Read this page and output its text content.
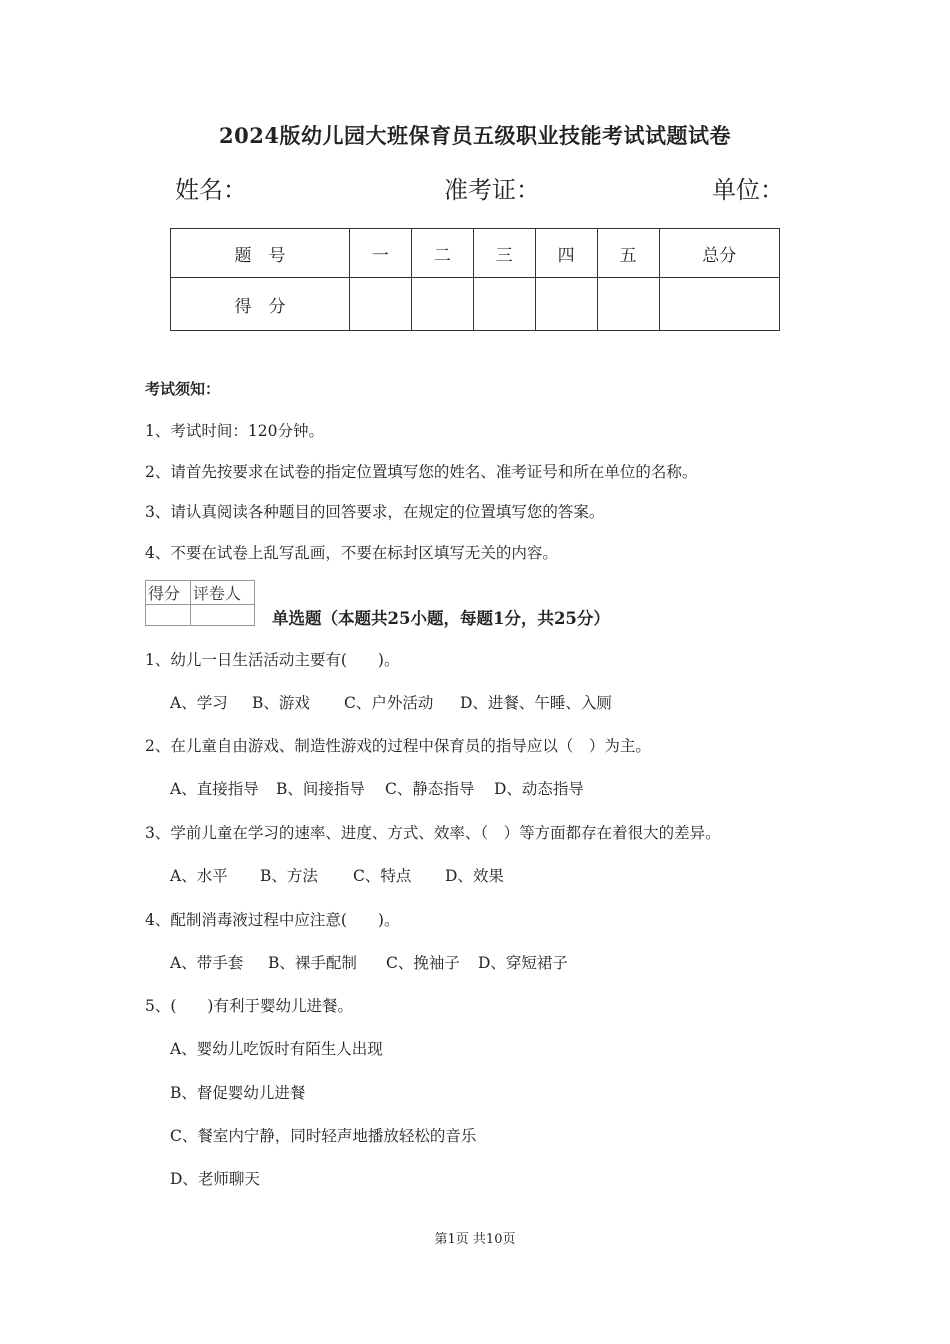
2024版幼儿园大班保育员五级职业技能考试试题试卷
姓名：	准考证：	单位：
题　号	一	二	三	四	五	总分
得　分						
考试须知：
1、考试时间：120分钟。
2、请首先按要求在试卷的指定位置填写您的姓名、准考证号和所在单位的名称。
3、请认真阅读各种题目的回答要求，在规定的位置填写您的答案。
4、不要在试卷上乱写乱画，不要在标封区填写无关的内容。
得分	评卷人

单选题（本题共25小题，每题1分，共25分）
1、幼儿一日生活活动主要有(　　)。
A、学习 B、游戏 C、户外活动 D、进餐、午睡、入厕
2、在儿童自由游戏、制造性游戏的过程中保育员的指导应以（　）为主。
A、直接指导 B、间接指导 C、静态指导 D、动态指导
3、学前儿童在学习的速率、进度、方式、效率、（　）等方面都存在着很大的差异。
A、水平 B、方法 C、特点 D、效果
4、配制消毒液过程中应注意(　　)。
A、带手套 B、裸手配制 C、挽袖子 D、穿短裙子
5、(　　)有利于婴幼儿进餐。
A、婴幼儿吃饭时有陌生人出现
B、督促婴幼儿进餐
C、餐室内宁静，同时轻声地播放轻松的音乐
D、老师聊天
第1页 共10页
